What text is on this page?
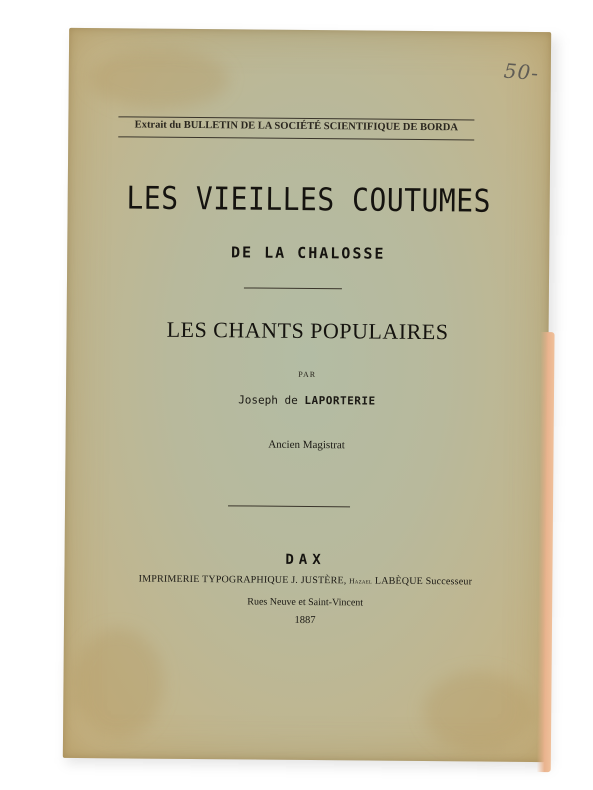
50-
Extrait du BULLETIN DE LA SOCIÉTÉ SCIENTIFIQUE DE BORDA
LES VIEILLES COUTUMES
DE LA CHALOSSE
LES CHANTS POPULAIRES
PAR
Joseph de LAPORTERIE
Ancien Magistrat
DAX
IMPRIMERIE TYPOGRAPHIQUE J. JUSTÈRE, Hazael LABÈQUE Successeur
Rues Neuve et Saint-Vincent
1887
